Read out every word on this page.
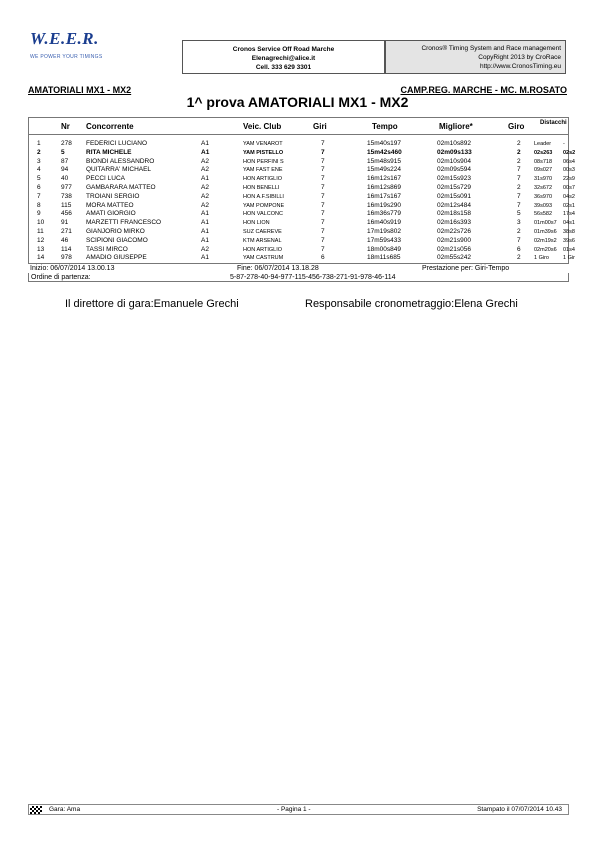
W.E.E.R.
WE POWER YOUR TIMINGS
Cronos Service Off Road Marche
Elenagrechi@alice.it
Cell. 333 629 3301
Cronos® Timing System and Race management
CopyRight 2013 by CroRace
http://www.CronosTiming.eu
AMATORIALI MX1 - MX2	CAMP.REG. MARCHE - MC. M.ROSATO
1^ prova AMATORIALI MX1 - MX2
Nr Concorrente	Veic. Club	Giri	Tempo	Migliore*	Giro	Distacchi
1	278 FEDERICI LUCIANO	A1	YAM VENAROT	7	15m40s197	02m10s892	2 Leader -
2	5	RITA MICHELE	A1	YAM PISTELLO	7	15m42s460	02m09s133	2 02s263 02s2
3	87	BIONDI ALESSANDRO	A2	HON PERFINI S	7	15m48s915	02m10s904	2 08s718 06s4
4	94	QUITARRA' MICHAEL	A2	YAM FAST ENE	7	15m49s224	02m09s594	7 09s027 00s3
5	40	PECCI LUCA	A1	HON ARTIGLIO	7	16m12s167	02m15s923	7 31s970 22s9
6	977 GAMBARARA MATTEO	A2	HON BENELLI	7	16m12s869	02m15s729	2 32s672 00s7
7	738 TROIANI SERGIO	A2	HON A.F.SIBILLI	7	16m17s167	02m15s091	7 36s970 04s2
8	115 MORA MATTEO	A2	YAM POMPONE	7	16m19s290	02m12s484	7 39s093 02s1
9	456 AMATI GIORGIO	A1	HON VALCONC	7	16m36s779	02m18s158	5 56s582 17s4
10	91	MARZETTI FRANCESCO	A1	HON LION	7	16m40s919	02m16s393	3 01m00s7 04s1
11	271 GIANJORIO MIRKO	A1	SUZ CAEREVE	7	17m19s802	02m22s726	2 01m39s6 38s8
12	46	SCIPIONI GIACOMO	A1	KTM ARSENAL	7	17m59s433	02m21s900	7 02m19s2 39s6
13	114 TASSI MIRCO	A2	HON ARTIGLIO	7	18m00s849	02m21s056	6 02m20s6 01s4
14	978 AMADIO GIUSEPPE	A1	YAM CASTRUM	6	18m11s685	02m55s242	2 1 Giro	1 Gir
Inizio: 06/07/2014 13.00.13	Fine: 06/07/2014 13.18.28	Prestazione per: Giri-Tempo
Ordine di partenza:	5-87-278-40-94-977-115-456-738-271-91-978-46-114
Il direttore di gara:Emanuele Grechi	Responsabile cronometraggio:Elena Grechi
Gara: Ama	- Pagina 1 -	Stampato il 07/07/2014 10.43
